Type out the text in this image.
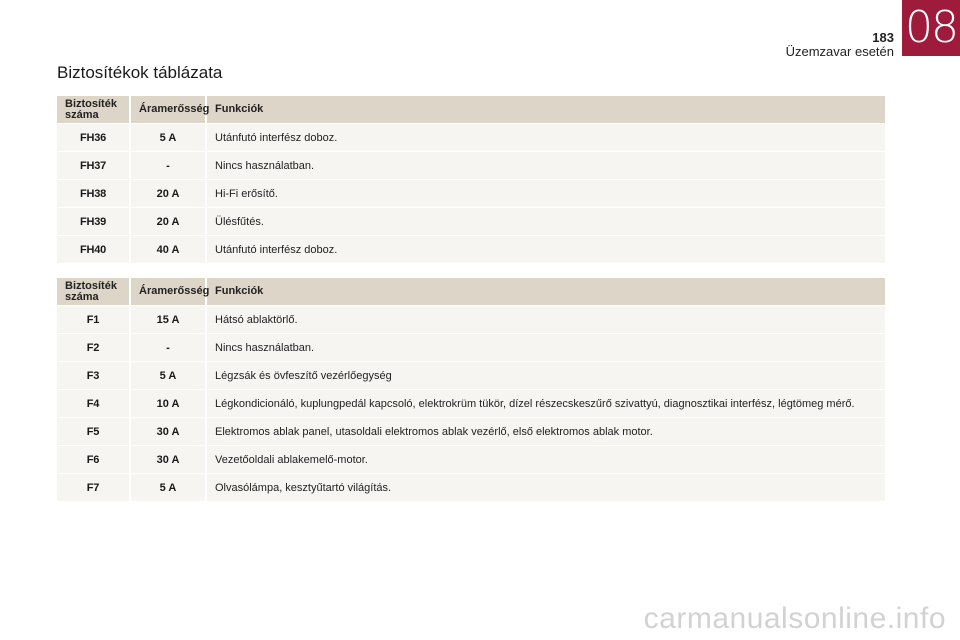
183
Üzemzavar esetén 08
Biztosítékok táblázata
Biztosíték száma	Áramerősség	Funkciók
FH36	5 A	Utánfutó interfész doboz.
FH37	-	Nincs használatban.
FH38	20 A	Hi-Fi erősítő.
FH39	20 A	Ülésfűtés.
FH40	40 A	Utánfutó interfész doboz.
Biztosíték száma	Áramerősség	Funkciók
F1	15 A	Hátsó ablaktörlő.
F2	-	Nincs használatban.
F3	5 A	Légzsák és övfeszítő vezérlőegység
F4	10 A	Légkondicionáló, kuplungpedál kapcsoló, elektrokrüm tükör, dízel részecskeszűrő szivattyú, diagnosztikai interfész, légtömeg mérő.
F5	30 A	Elektromos ablak panel, utasoldali elektromos ablak vezérlő, első elektromos ablak motor.
F6	30 A	Vezetőoldali ablakemelő-motor.
F7	5 A	Olvasólámpa, kesztyűtartó világítás.
carmanualsonline.info
